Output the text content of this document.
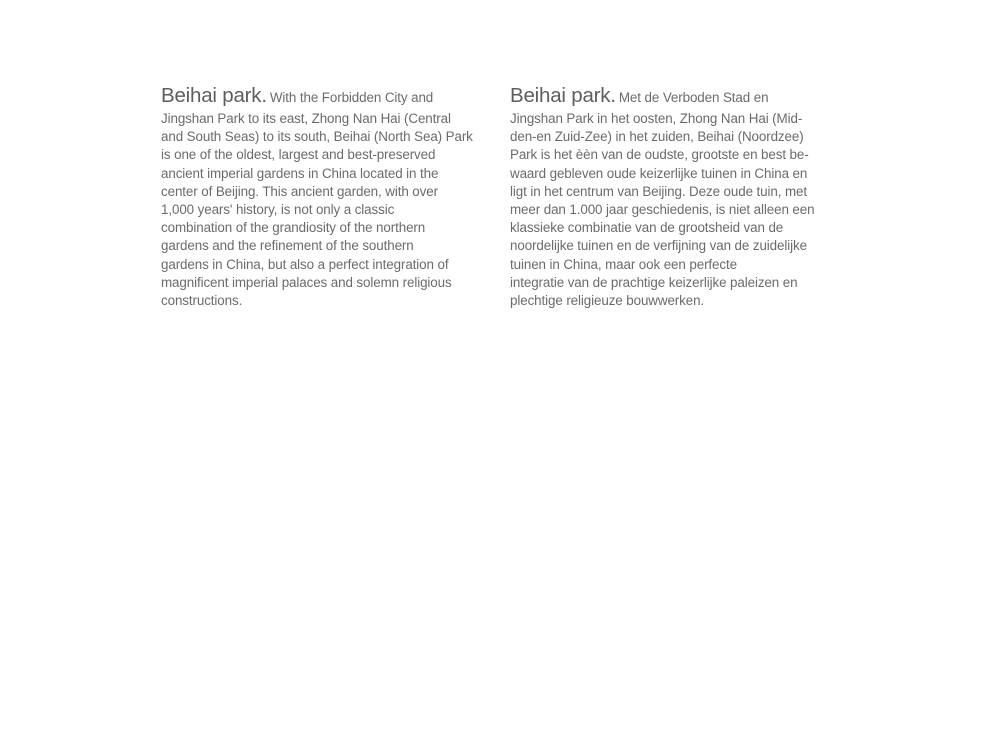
Beihai park. With the Forbidden City and
Jingshan Park to its east, Zhong Nan Hai (Central
and South Seas) to its south, Beihai (North Sea) Park
is one of the oldest, largest and best-preserved
ancient imperial gardens in China located in the
center of Beijing. This ancient garden, with over
1,000 years' history, is not only a classic
combination of the grandiosity of the northern
gardens and the refinement of the southern
gardens in China, but also a perfect integration of
magnificent imperial palaces and solemn religious
constructions.
Beihai park. Met de Verboden Stad en
Jingshan Park in het oosten, Zhong Nan Hai (Mid-
den-en Zuid-Zee) in het zuiden, Beihai (Noordzee)
Park is het èèn van de oudste, grootste en best be-
waard gebleven oude keizerlijke tuinen in China en
ligt in het centrum van Beijing. Deze oude tuin, met
meer dan 1.000 jaar geschiedenis, is niet alleen een
klassieke combinatie van de grootsheid van de
noordelijke tuinen en de verfijning van de zuidelijke
tuinen in China, maar ook een perfecte
integratie van de prachtige keizerlijke paleizen en
plechtige religieuze bouwwerken.
